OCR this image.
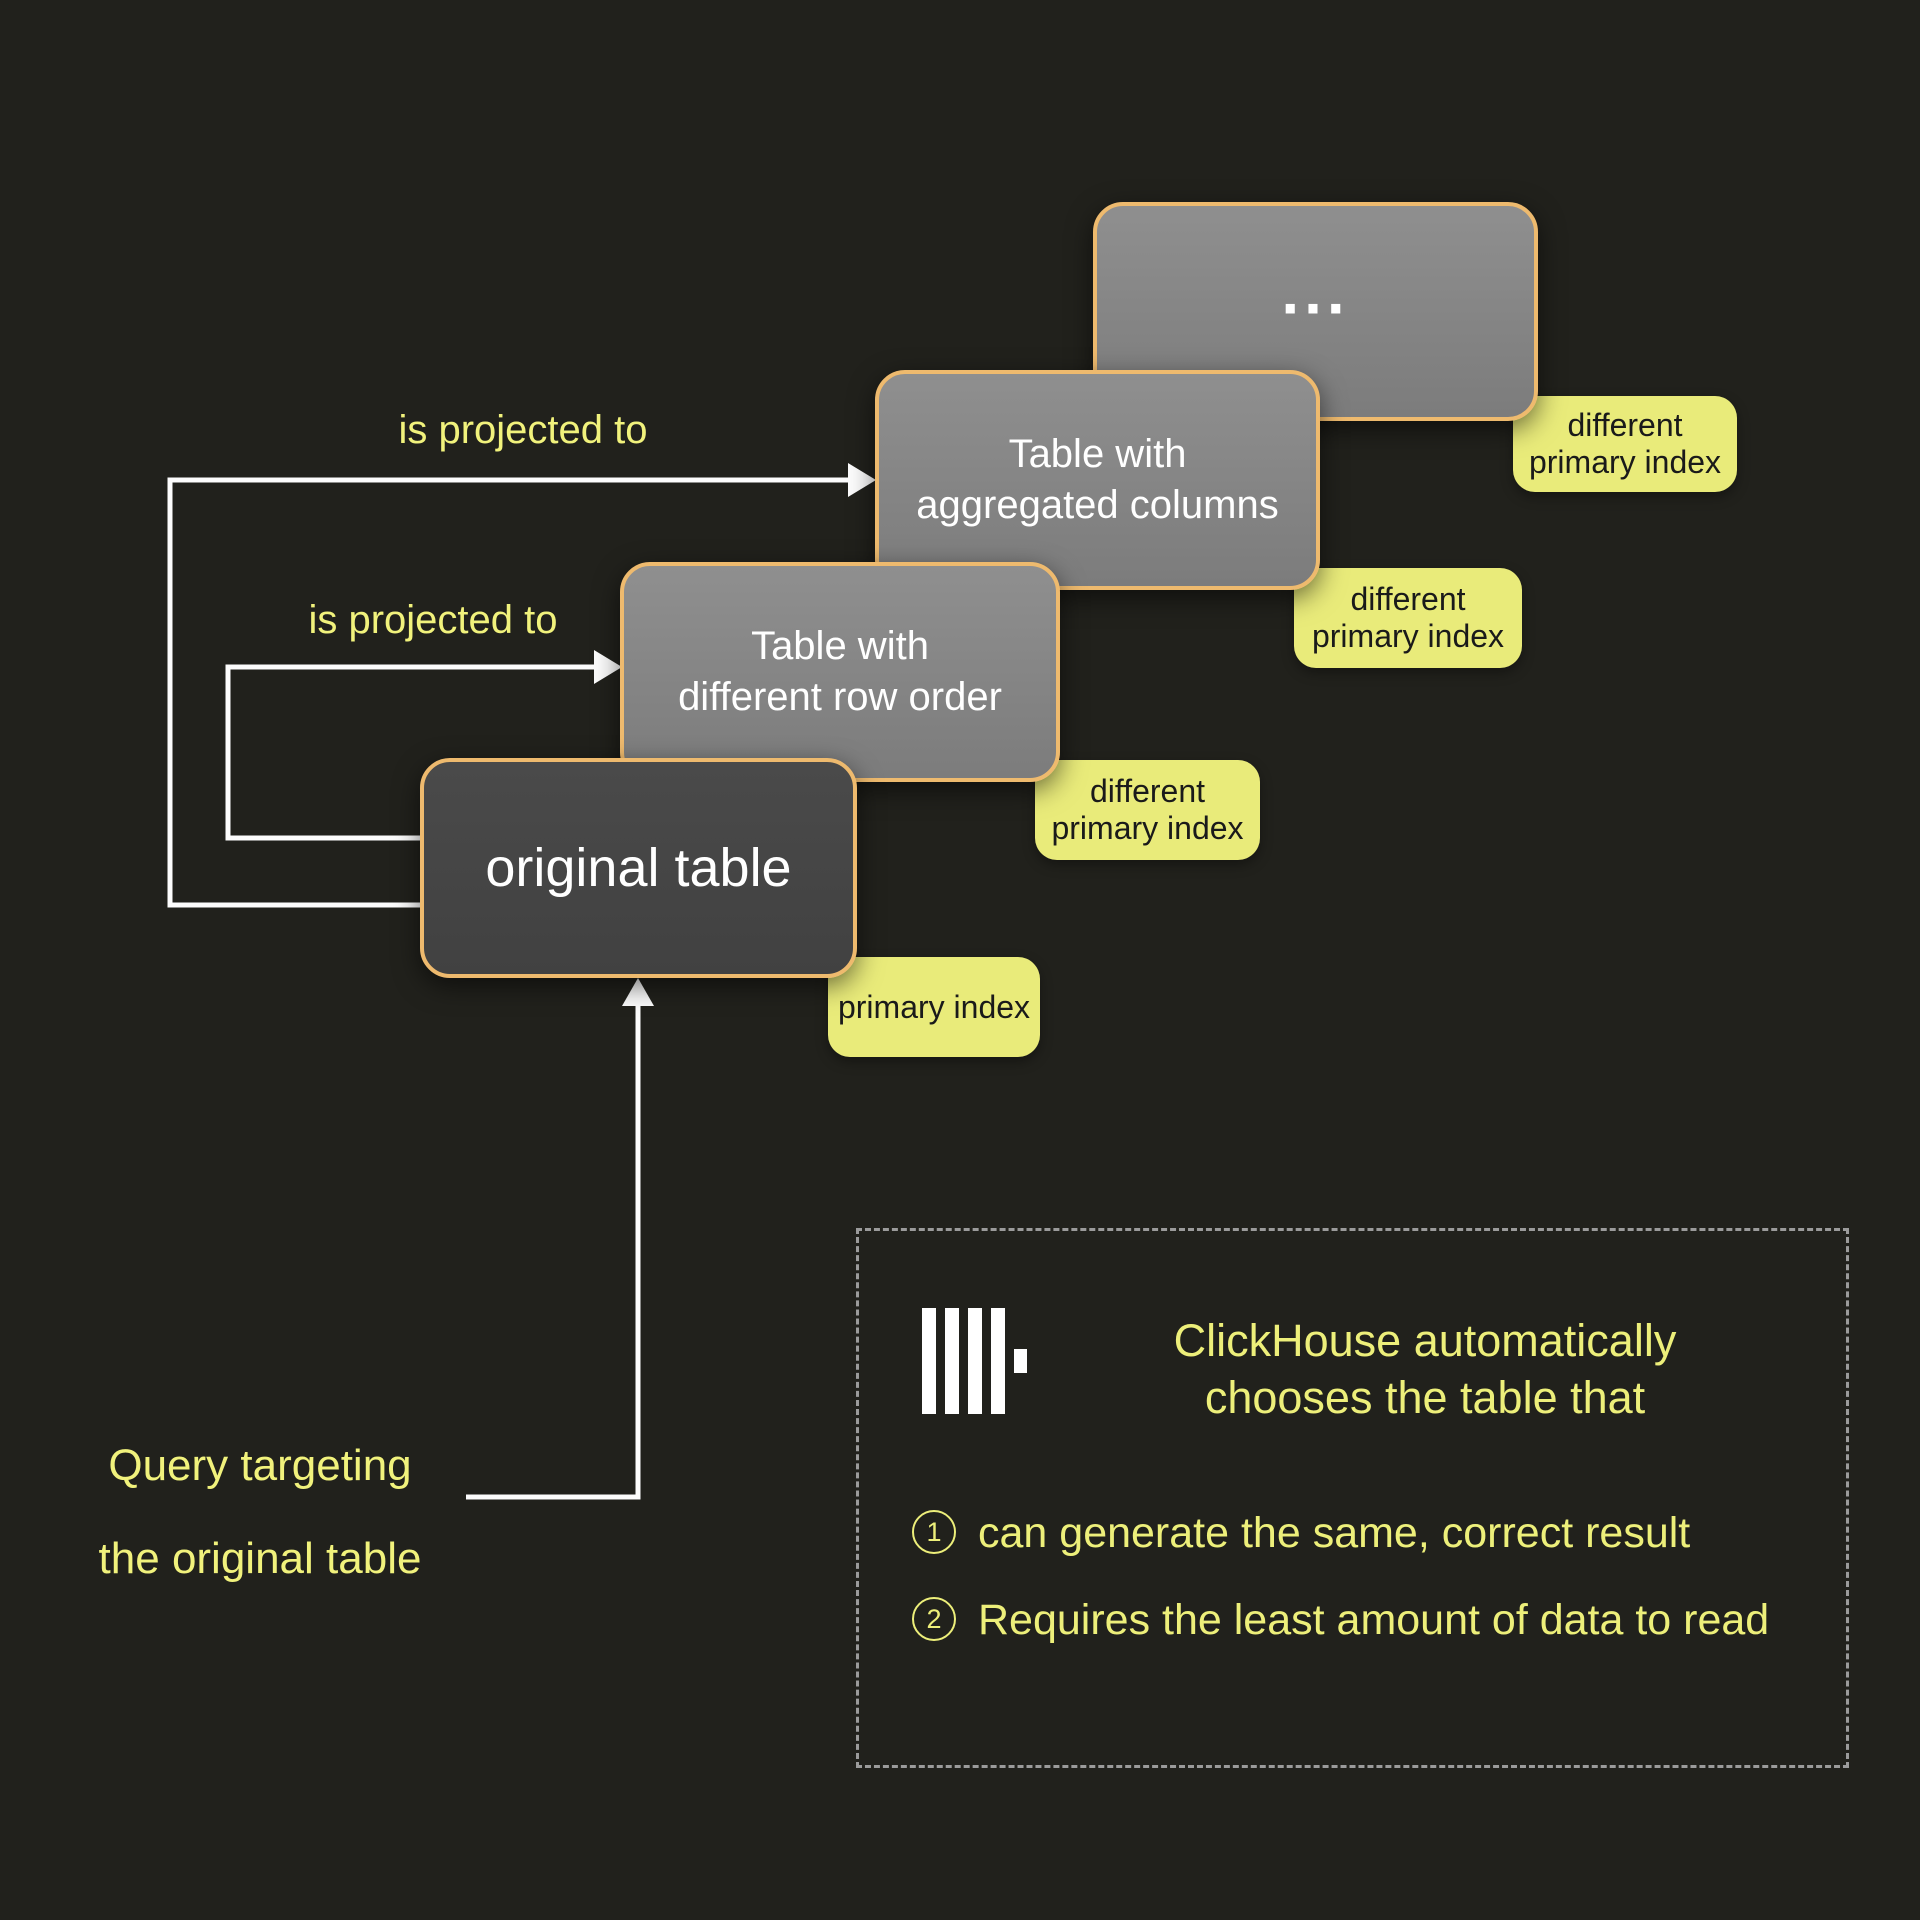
different
primary index
different
primary index
different
primary index
primary index
...
Table with
aggregated columns
Table with
different row order
original table
is projected to
is projected to
Query targeting
the original table
ClickHouse automatically
chooses the table that
1 can generate the same, correct result
2 Requires the least amount of data to read
